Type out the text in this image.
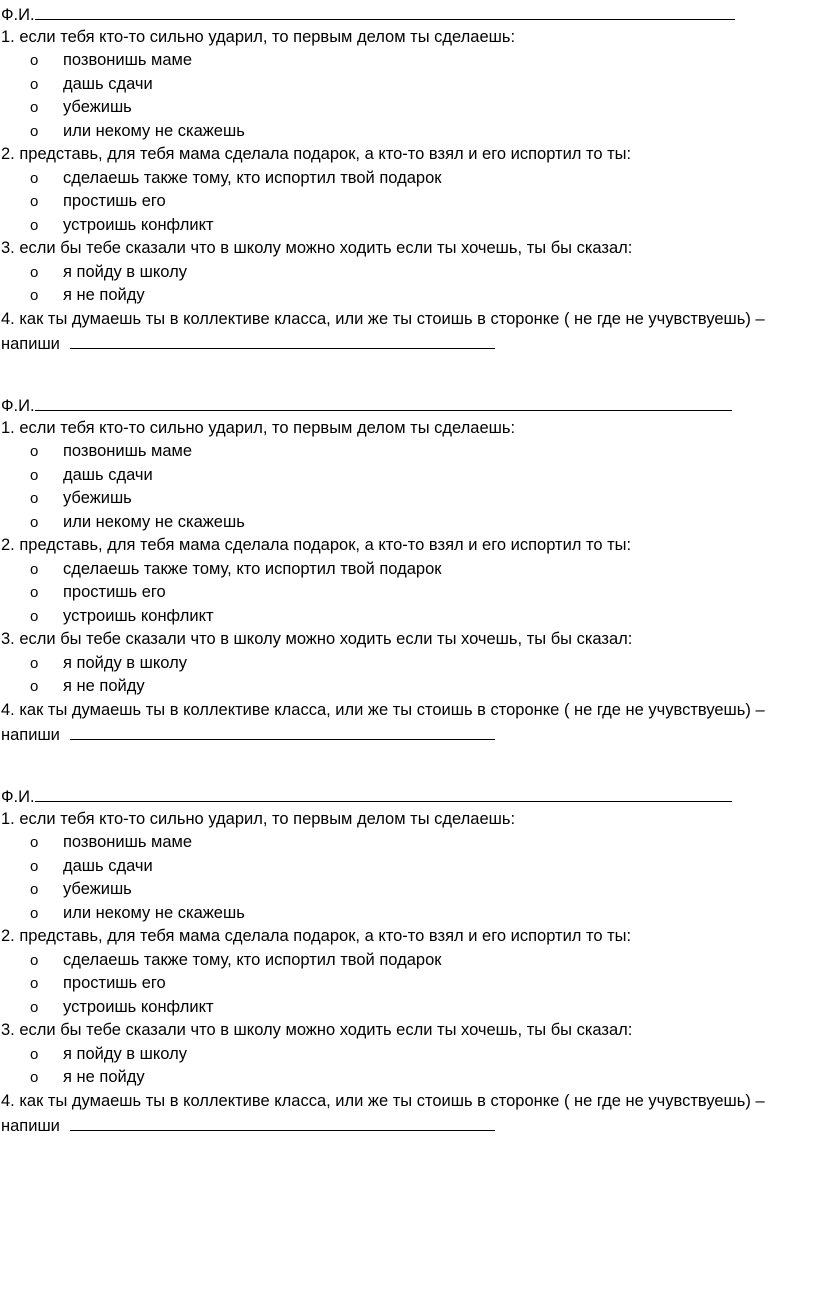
Ф.И.
1. если тебя кто-то сильно ударил, то первым делом ты сделаешь:
o	позвонишь маме
o	дашь сдачи
o	убежишь
o	или некому не скажешь
2. представь, для тебя мама сделала подарок, а кто-то взял и его испортил то ты:
o	сделаешь также тому, кто испортил твой подарок
o	простишь его
o	устроишь конфликт
3. если бы тебе сказали что в школу можно ходить если ты хочешь, ты бы сказал:
o	я пойду в школу
o	я не пойду
4. как ты думаешь ты в коллективе класса, или же ты стоишь в сторонке ( не где не учувствуешь) –
напиши
Ф.И.
1. если тебя кто-то сильно ударил, то первым делом ты сделаешь:
o	позвонишь маме
o	дашь сдачи
o	убежишь
o	или некому не скажешь
2. представь, для тебя мама сделала подарок, а кто-то взял и его испортил то ты:
o	сделаешь также тому, кто испортил твой подарок
o	простишь его
o	устроишь конфликт
3. если бы тебе сказали что в школу можно ходить если ты хочешь, ты бы сказал:
o	я пойду в школу
o	я не пойду
4. как ты думаешь ты в коллективе класса, или же ты стоишь в сторонке ( не где не учувствуешь) –
напиши
Ф.И.
1. если тебя кто-то сильно ударил, то первым делом ты сделаешь:
o	позвонишь маме
o	дашь сдачи
o	убежишь
o	или некому не скажешь
2. представь, для тебя мама сделала подарок, а кто-то взял и его испортил то ты:
o	сделаешь также тому, кто испортил твой подарок
o	простишь его
o	устроишь конфликт
3. если бы тебе сказали что в школу можно ходить если ты хочешь, ты бы сказал:
o	я пойду в школу
o	я не пойду
4. как ты думаешь ты в коллективе класса, или же ты стоишь в сторонке ( не где не учувствуешь) –
напиши
